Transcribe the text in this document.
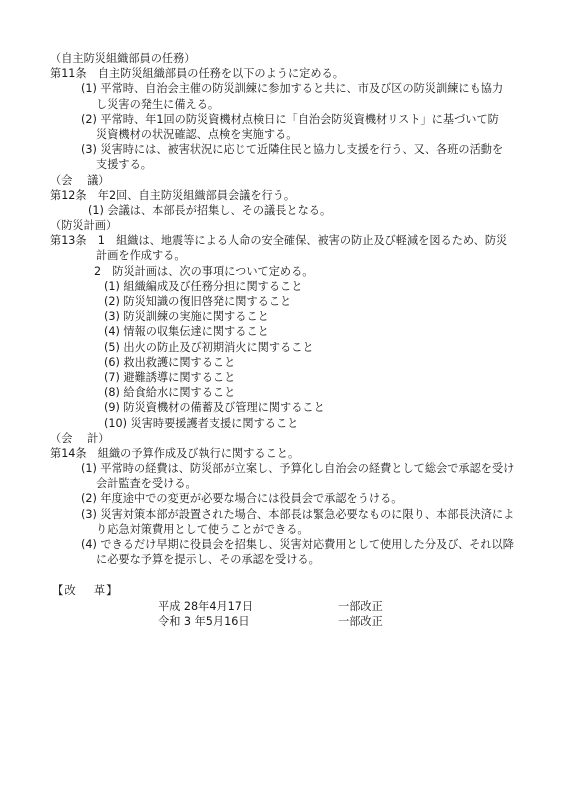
（自主防災組織部員の任務）
第11条　自主防災組織部員の任務を以下のように定める。
(1) 平常時、自治会主催の防災訓練に参加すると共に、市及び区の防災訓練にも協力
し災害の発生に備える。
(2) 平常時、年1回の防災資機材点検日に「自治会防災資機材リスト」に基づいて防
災資機材の状況確認、点検を実施する。
(3) 災害時には、被害状況に応じて近隣住民と協力し支援を行う、又、各班の活動を
支援する。
（会　 議）
第12条　年2回、自主防災組織部員会議を行う。
(1) 会議は、本部長が招集し、その議長となる。
（防災計画）
第13条　1　組織は、地震等による人命の安全確保、被害の防止及び軽減を図るため、防災
計画を作成する。
2　防災計画は、次の事項について定める。
(1) 組織編成及び任務分担に関すること
(2) 防災知識の復旧啓発に関すること
(3) 防災訓練の実施に関すること
(4) 情報の収集伝達に関すること
(5) 出火の防止及び初期消火に関すること
(6) 救出救護に関すること
(7) 避難誘導に関すること
(8) 給食給水に関すること
(9) 防災資機材の備蓄及び管理に関すること
(10) 災害時要援護者支援に関すること
（会　 計）
第14条　組織の予算作成及び執行に関すること。
(1) 平常時の経費は、防災部が立案し、予算化し自治会の経費として総会で承認を受け
会計監査を受ける。
(2) 年度途中での変更が必要な場合には役員会で承認をうける。
(3) 災害対策本部が設置された場合、本部長は緊急必要なものに限り、本部長決済によ
り応急対策費用として使うことができる。
(4) できるだけ早期に役員会を招集し、災害対応費用として使用した分及び、それ以降
に必要な予算を提示し、その承認を受ける。
【改　 革】
平成 28年4月17日	一部改正
令和 3 年5月16日	一部改正
